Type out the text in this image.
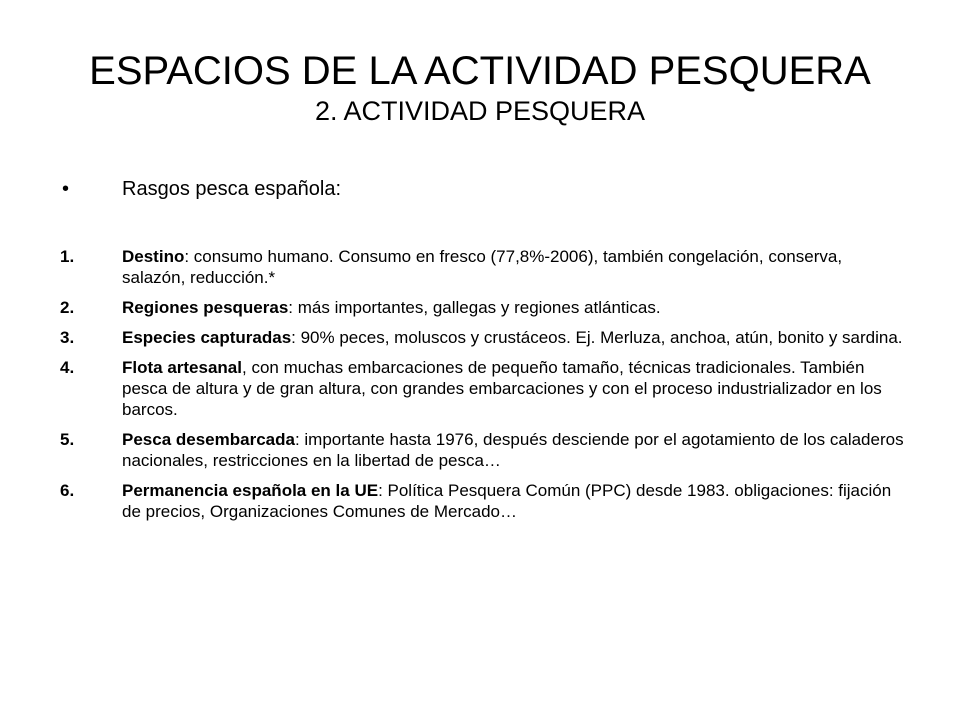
ESPACIOS DE LA ACTIVIDAD PESQUERA
2. ACTIVIDAD PESQUERA
•	Rasgos pesca española:
1.	Destino: consumo humano. Consumo en fresco (77,8%-2006), también congelación, conserva, salazón, reducción.*
2.	Regiones pesqueras: más importantes, gallegas y regiones atlánticas.
3.	Especies capturadas: 90% peces, moluscos y crustáceos. Ej. Merluza, anchoa, atún, bonito y sardina.
4.	Flota artesanal, con muchas embarcaciones de pequeño tamaño, técnicas tradicionales. También pesca de altura y de gran altura, con grandes embarcaciones y con el proceso industrializador en los barcos.
5.	Pesca desembarcada: importante hasta 1976, después desciende por el agotamiento de los caladeros nacionales, restricciones en la libertad de pesca…
6.	Permanencia española en la UE: Política Pesquera Común (PPC) desde 1983. obligaciones: fijación de precios, Organizaciones Comunes de Mercado…
